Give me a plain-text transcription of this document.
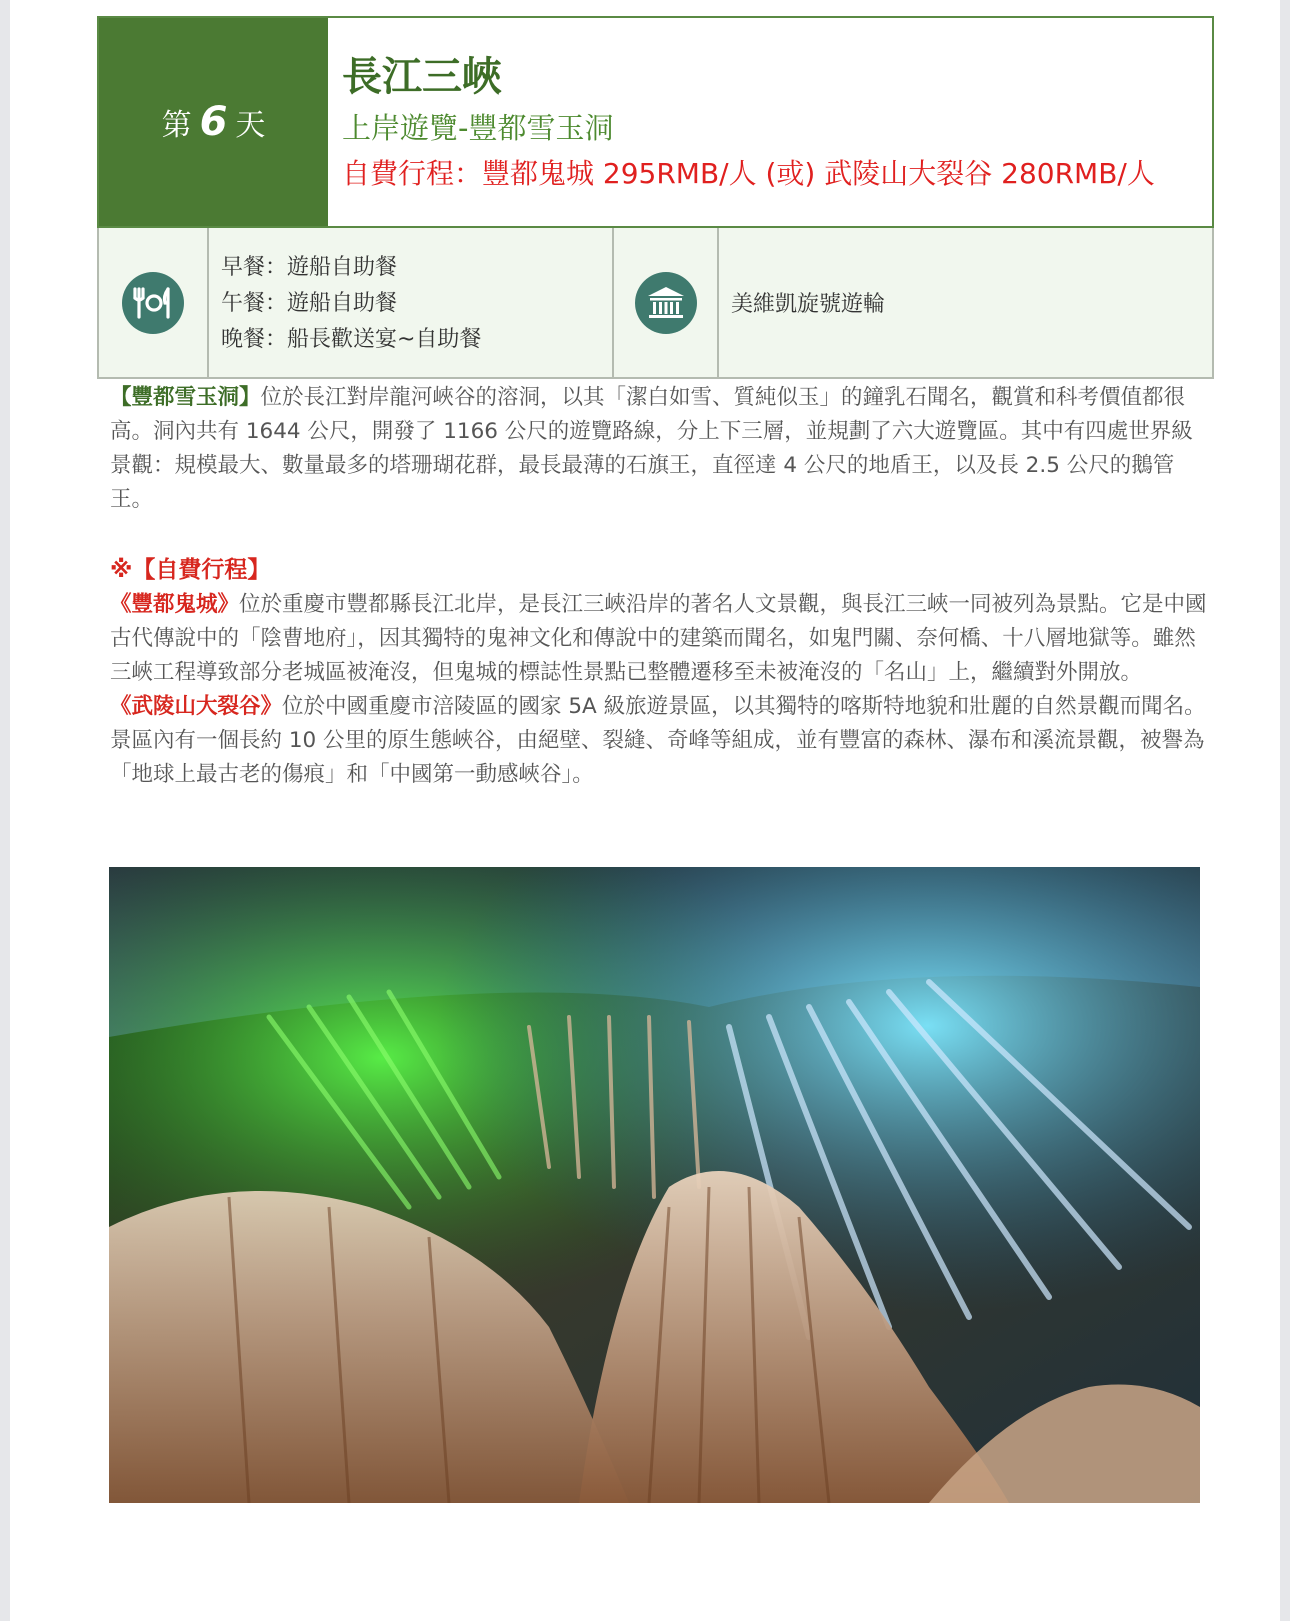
第 6 天
長江三峽
上岸遊覽-豐都雪玉洞
自費行程：豐都鬼城 295RMB/人 (或) 武陵山大裂谷 280RMB/人
早餐：遊船自助餐
午餐：遊船自助餐
晚餐：船長歡送宴~自助餐
美維凱旋號遊輪
【豐都雪玉洞】位於長江對岸龍河峽谷的溶洞，以其「潔白如雪、質純似玉」的鐘乳石聞名，觀賞和科考價值都很高。洞內共有 1644 公尺，開發了 1166 公尺的遊覽路線，分上下三層，並規劃了六大遊覽區。其中有四處世界級景觀：規模最大、數量最多的塔珊瑚花群，最長最薄的石旗王，直徑達 4 公尺的地盾王，以及長 2.5 公尺的鵝管王。
※【自費行程】
《豐都鬼城》位於重慶市豐都縣長江北岸，是長江三峽沿岸的著名人文景觀，與長江三峽一同被列為景點。它是中國古代傳說中的「陰曹地府」，因其獨特的鬼神文化和傳說中的建築而聞名，如鬼門關、奈何橋、十八層地獄等。雖然三峽工程導致部分老城區被淹沒，但鬼城的標誌性景點已整體遷移至未被淹沒的「名山」上，繼續對外開放。
《武陵山大裂谷》位於中國重慶市涪陵區的國家 5A 級旅遊景區，以其獨特的喀斯特地貌和壯麗的自然景觀而聞名。景區內有一個長約 10 公里的原生態峽谷，由絕壁、裂縫、奇峰等組成，並有豐富的森林、瀑布和溪流景觀，被譽為「地球上最古老的傷痕」和「中國第一動感峽谷」。
